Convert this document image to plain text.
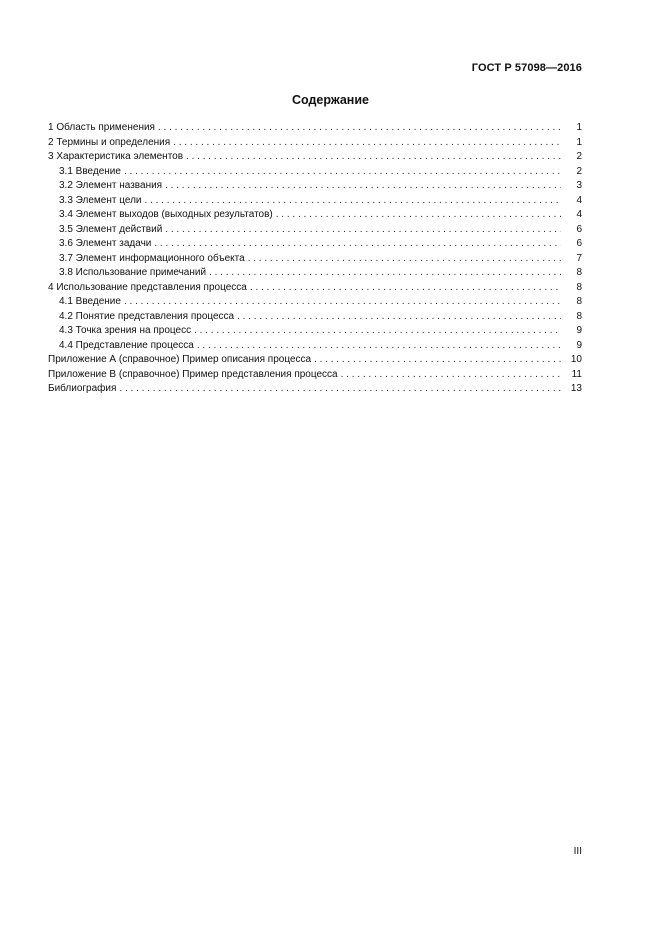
ГОСТ Р 57098—2016
Содержание
1 Область применения . . .	1
2 Термины и определения . . .	1
3 Характеристика элементов . . .	2
3.1 Введение . . .	2
3.2 Элемент названия . . .	3
3.3 Элемент цели . . .	4
3.4 Элемент выходов (выходных результатов) . . .	4
3.5 Элемент действий . . .	6
3.6 Элемент задачи . . .	6
3.7 Элемент информационного объекта . . .	7
3.8 Использование примечаний . . .	8
4 Использование представления процесса . . .	8
4.1 Введение . . .	8
4.2 Понятие представления процесса . . .	8
4.3 Точка зрения на процесс . . .	9
4.4 Представление процесса . . .	9
Приложение А (справочное) Пример описания процесса . . .	10
Приложение В (справочное) Пример представления процесса . . .	11
Библиография . . .	13
III
